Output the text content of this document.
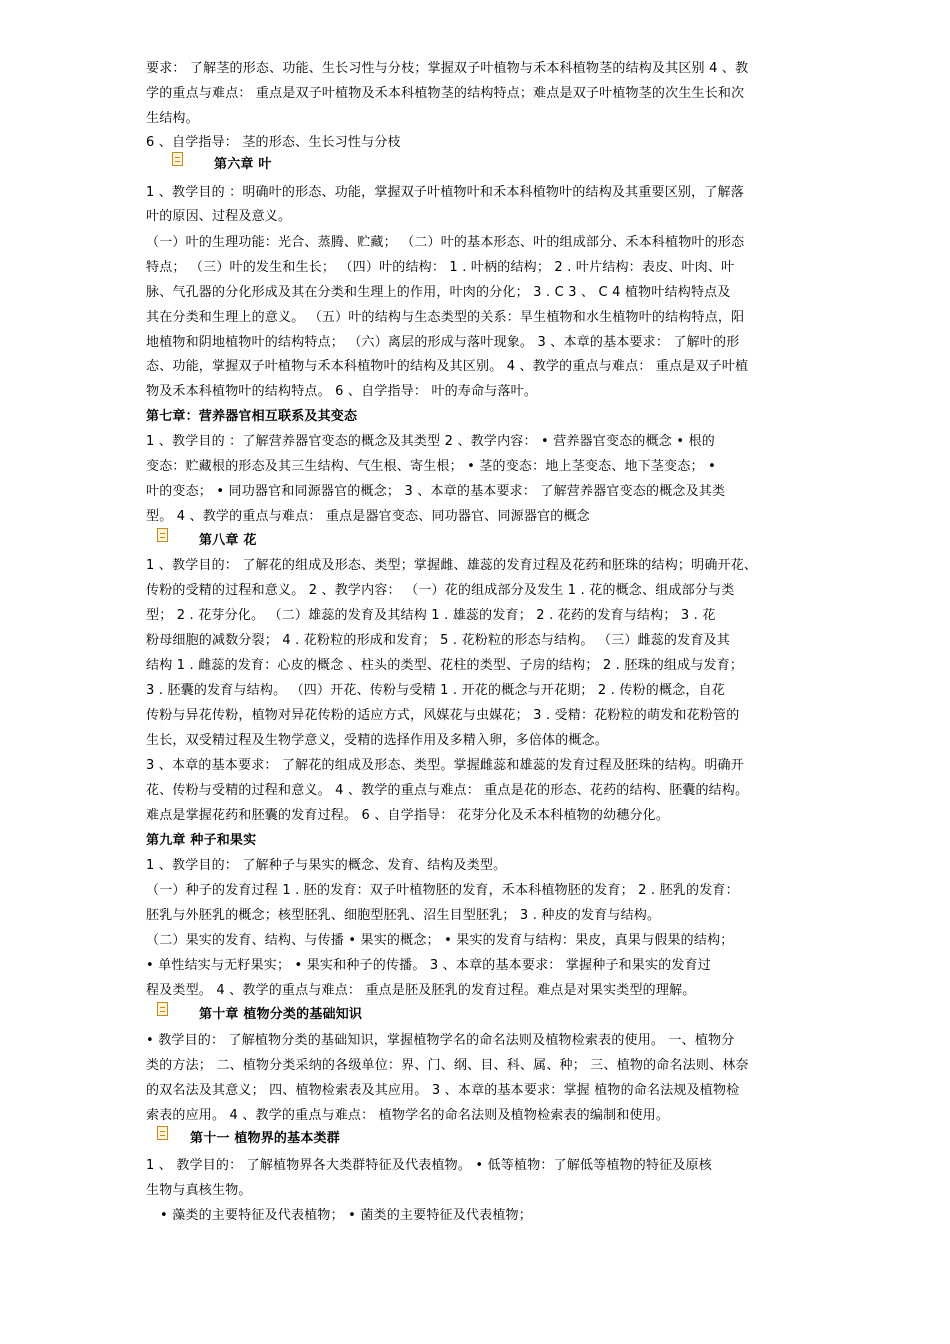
要求： 了解茎的形态、功能、生长习性与分枝；掌握双子叶植物与禾本科植物茎的结构及其区别 4 、教
学的重点与难点： 重点是双子叶植物及禾本科植物茎的结构特点；难点是双子叶植物茎的次生生长和次
生结构。
6 、自学指导： 茎的形态、生长习性与分枝
第六章 叶
1 、教学目的 ：明确叶的形态、功能，掌握双子叶植物叶和禾本科植物叶的结构及其重要区别，了解落
叶的原因、过程及意义。
（一）叶的生理功能：光合、蒸腾、贮藏； （二）叶的基本形态、叶的组成部分、禾本科植物叶的形态
特点； （三）叶的发生和生长； （四）叶的结构： 1 . 叶柄的结构； 2 . 叶片结构：表皮、叶肉、叶
脉、气孔器的分化形成及其在分类和生理上的作用，叶肉的分化； 3 . C 3 、 C 4 植物叶结构特点及
其在分类和生理上的意义。 （五）叶的结构与生态类型的关系：旱生植物和水生植物叶的结构特点，阳
地植物和阴地植物叶的结构特点； （六）离层的形成与落叶现象。 3 、本章的基本要求： 了解叶的形
态、功能，掌握双子叶植物与禾本科植物叶的结构及其区别。 4 、教学的重点与难点： 重点是双子叶植
物及禾本科植物叶的结构特点。 6 、自学指导： 叶的寿命与落叶。
第七章：营养器官相互联系及其变态
1 、教学目的 ：了解营养器官变态的概念及其类型 2 、教学内容： • 营养器官变态的概念 • 根的
变态：贮藏根的形态及其三生结构、气生根、寄生根； • 茎的变态：地上茎变态、地下茎变态； •
叶的变态； • 同功器官和同源器官的概念； 3 、本章的基本要求： 了解营养器官变态的概念及其类
型。 4 、教学的重点与难点： 重点是器官变态、同功器官、同源器官的概念
第八章 花
1 、教学目的： 了解花的组成及形态、类型；掌握雌、雄蕊的发育过程及花药和胚珠的结构；明确开花、
传粉的受精的过程和意义。 2 、教学内容： （一）花的组成部分及发生 1 . 花的概念、组成部分与类
型； 2 . 花芽分化。 （二）雄蕊的发育及其结构 1 . 雄蕊的发育； 2 . 花药的发育与结构； 3 . 花
粉母细胞的减数分裂； 4 . 花粉粒的形成和发育； 5 . 花粉粒的形态与结构。 （三）雌蕊的发育及其
结构 1 . 雌蕊的发育：心皮的概念 、柱头的类型、花柱的类型、子房的结构； 2 . 胚珠的组成与发育；
3 . 胚囊的发育与结构。 （四）开花、传粉与受精 1 . 开花的概念与开花期； 2 . 传粉的概念，自花
传粉与异花传粉，植物对异花传粉的适应方式，风媒花与虫媒花； 3 . 受精：花粉粒的萌发和花粉管的
生长，双受精过程及生物学意义，受精的选择作用及多精入卵，多倍体的概念。
3 、本章的基本要求： 了解花的组成及形态、类型。掌握雌蕊和雄蕊的发育过程及胚珠的结构。明确开
花、传粉与受精的过程和意义。 4 、教学的重点与难点： 重点是花的形态、花药的结构、胚囊的结构。
难点是掌握花药和胚囊的发育过程。 6 、自学指导： 花芽分化及禾本科植物的幼穗分化。
第九章 种子和果实
1 、教学目的： 了解种子与果实的概念、发育、结构及类型。
（一）种子的发育过程 1 . 胚的发育：双子叶植物胚的发育，禾本科植物胚的发育； 2 . 胚乳的发育：
胚乳与外胚乳的概念；核型胚乳、细胞型胚乳、沼生目型胚乳； 3 . 种皮的发育与结构。
（二）果实的发育、结构、与传播 • 果实的概念； • 果实的发育与结构：果皮，真果与假果的结构；
• 单性结实与无籽果实； • 果实和种子的传播。 3 、本章的基本要求： 掌握种子和果实的发育过
程及类型。 4 、教学的重点与难点： 重点是胚及胚乳的发育过程。难点是对果实类型的理解。
第十章 植物分类的基础知识
• 教学目的： 了解植物分类的基础知识，掌握植物学名的命名法则及植物检索表的使用。 一、植物分
类的方法； 二、植物分类采纳的各级单位：界、门、纲、目、科、属、种； 三、植物的命名法则、林奈
的双名法及其意义； 四、植物检索表及其应用。 3 、本章的基本要求：掌握 植物的命名法规及植物检
索表的应用。 4 、教学的重点与难点： 植物学名的命名法则及植物检索表的编制和使用。
第十一 植物界的基本类群
1 、 教学目的： 了解植物界各大类群特征及代表植物。 • 低等植物：了解低等植物的特征及原核
生物与真核生物。
• 藻类的主要特征及代表植物； • 菌类的主要特征及代表植物；
